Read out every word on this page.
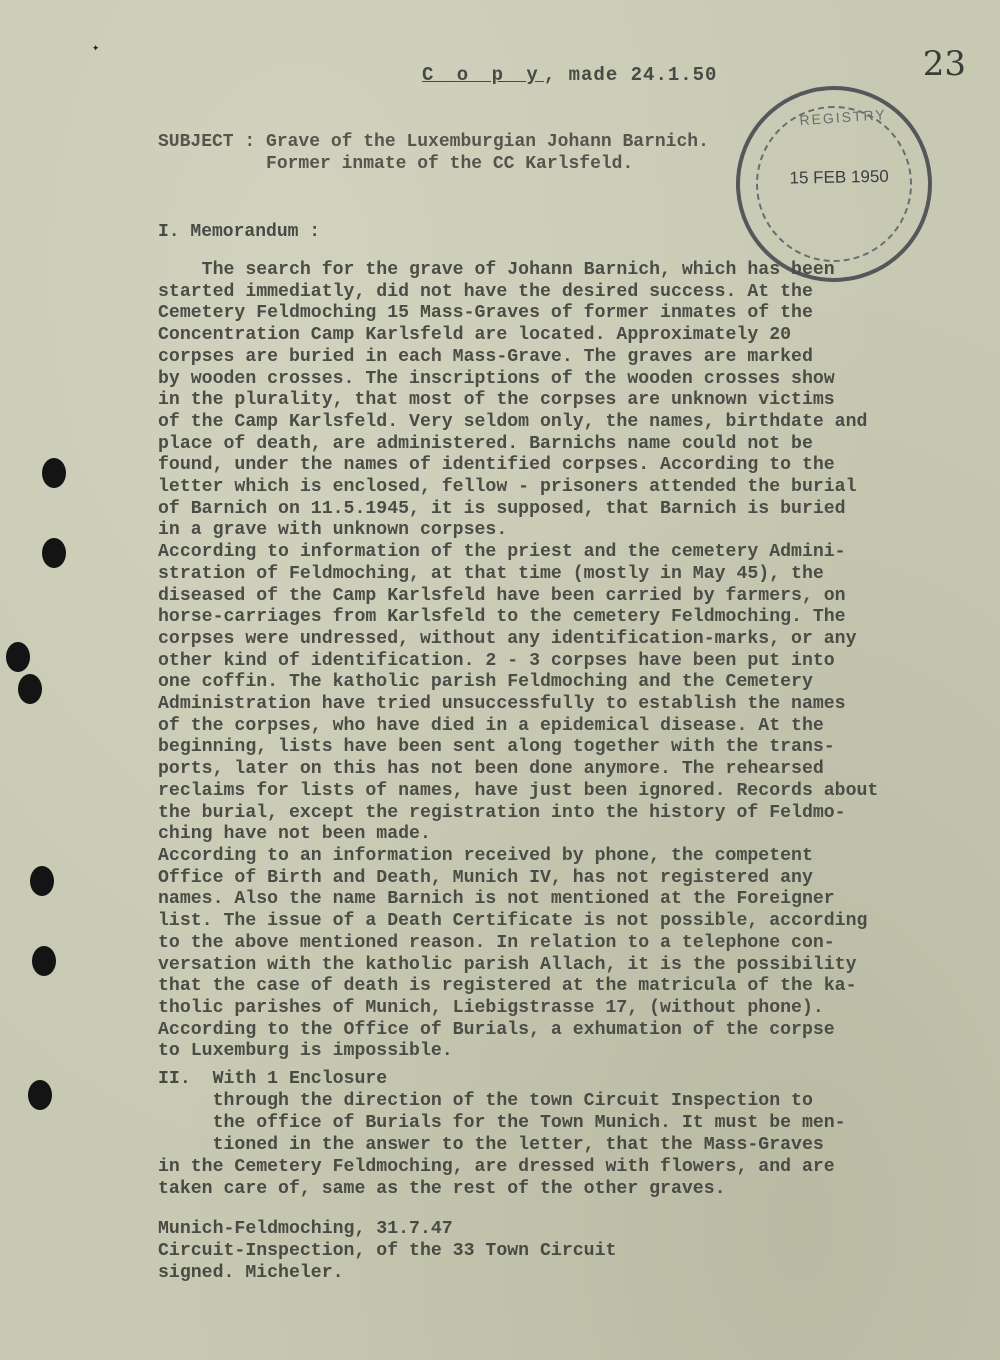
✦	23
C o p y, made 24.1.50
SUBJECT : Grave of the Luxemburgian Johann Barnich.
Former inmate of the CC Karlsfeld.
REGISTRY
15 FEB 1950
I. Memorandum :

The search for the grave of Johann Barnich, which has been

started immediatly, did not have the desired success. At the

Cemetery Feldmoching 15 Mass-Graves of former inmates of the

Concentration Camp Karlsfeld are located. Approximately 20

corpses are buried in each Mass-Grave. The graves are marked

by wooden crosses. The inscriptions of the wooden crosses show

in the plurality, that most of the corpses are unknown victims

of the Camp Karlsfeld. Very seldom only, the names, birthdate and

place of death, are administered. Barnichs name could not be

found, under the names of identified corpses. According to the

letter which is enclosed, fellow - prisoners attended the burial

of Barnich on 11.5.1945, it is supposed, that Barnich is buried

in a grave with unknown corpses.

According to information of the priest and the cemetery Admini-

stration of Feldmoching, at that time (mostly in May 45), the

diseased of the Camp Karlsfeld have been carried by farmers, on

horse-carriages from Karlsfeld to the cemetery Feldmoching. The

corpses were undressed, without any identification-marks, or any

other kind of identification. 2 - 3 corpses have been put into

one coffin. The katholic parish Feldmoching and the Cemetery

Administration have tried unsuccessfully to establish the names

of the corpses, who have died in a epidemical disease. At the

beginning, lists have been sent along together with the trans-

ports, later on this has not been done anymore. The rehearsed

reclaims for lists of names, have just been ignored. Records about

the burial, except the registration into the history of Feldmo-

ching have not been made.

According to an information received by phone, the competent

Office of Birth and Death, Munich IV, has not registered any

names. Also the name Barnich is not mentioned at the Foreigner

list. The issue of a Death Certificate is not possible, according

to the above mentioned reason. In relation to a telephone con-

versation with the katholic parish Allach, it is the possibility

that the case of death is registered at the matricula of the ka-

tholic parishes of Munich, Liebigstrasse 17, (without phone).

According to the Office of Burials, a exhumation of the corpse

to Luxemburg is impossible.

II.  With 1 Enclosure

through the direction of the town Circuit Inspection to

the office of Burials for the Town Munich. It must be men-

tioned in the answer to the letter, that the Mass-Graves

in the Cemetery Feldmoching, are dressed with flowers, and are

taken care of, same as the rest of the other graves.

Munich-Feldmoching, 31.7.47

Circuit-Inspection, of the 33 Town Circuit

signed. Micheler.
